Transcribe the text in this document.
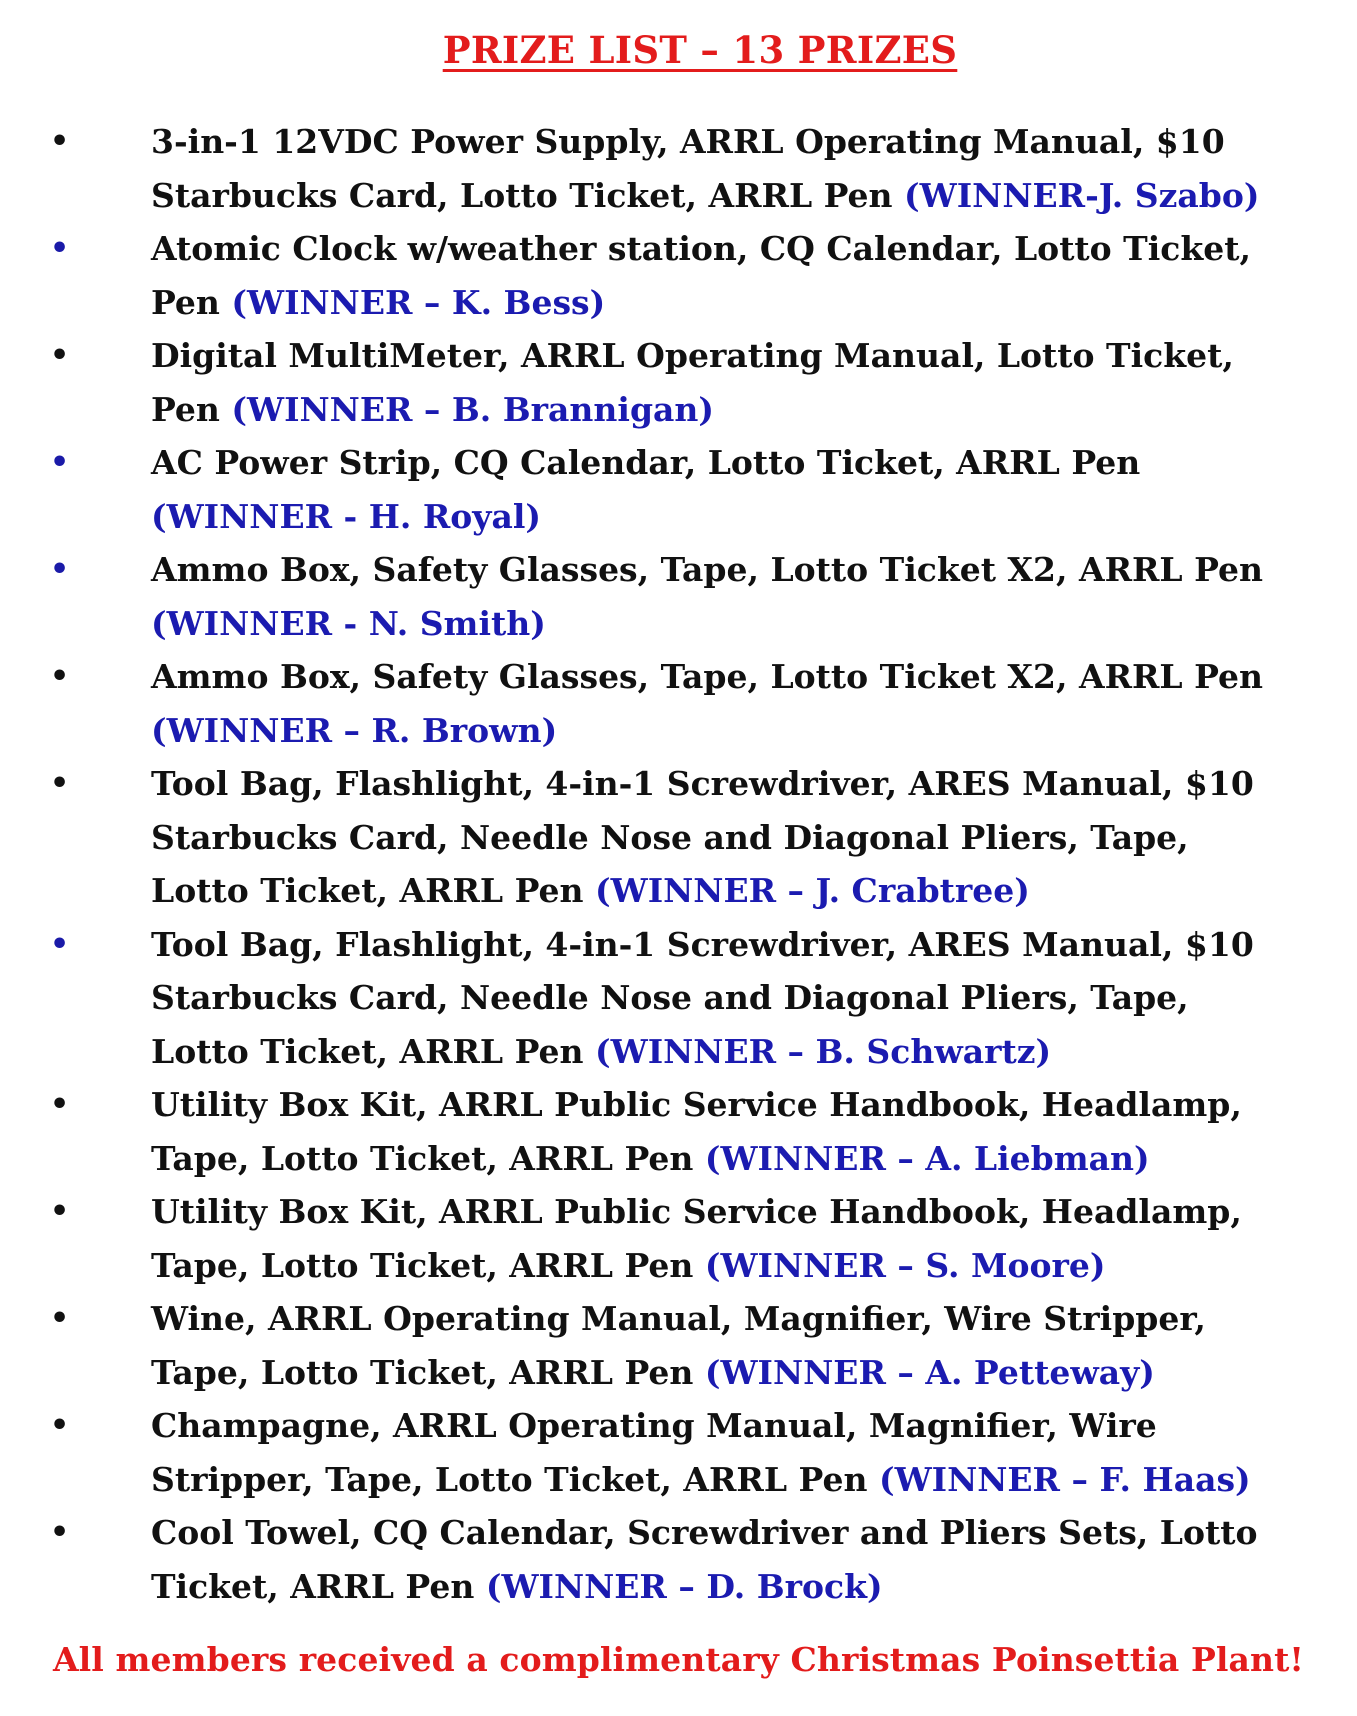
PRIZE LIST – 13 PRIZES
• 3-in-1 12VDC Power Supply, ARRL Operating Manual, $10 Starbucks Card, Lotto Ticket, ARRL Pen (WINNER-J. Szabo)
• Atomic Clock w/weather station, CQ Calendar, Lotto Ticket, Pen (WINNER – K. Bess)
• Digital MultiMeter, ARRL Operating Manual, Lotto Ticket, Pen (WINNER – B. Brannigan)
• AC Power Strip, CQ Calendar, Lotto Ticket, ARRL Pen (WINNER - H. Royal)
• Ammo Box, Safety Glasses, Tape, Lotto Ticket X2, ARRL Pen (WINNER - N. Smith)
• Ammo Box, Safety Glasses, Tape, Lotto Ticket X2, ARRL Pen (WINNER – R. Brown)
• Tool Bag, Flashlight, 4-in-1 Screwdriver, ARES Manual, $10 Starbucks Card, Needle Nose and Diagonal Pliers, Tape, Lotto Ticket, ARRL Pen (WINNER – J. Crabtree)
• Tool Bag, Flashlight, 4-in-1 Screwdriver, ARES Manual, $10 Starbucks Card, Needle Nose and Diagonal Pliers, Tape, Lotto Ticket, ARRL Pen (WINNER – B. Schwartz)
• Utility Box Kit, ARRL Public Service Handbook, Headlamp, Tape, Lotto Ticket, ARRL Pen (WINNER – A. Liebman)
• Utility Box Kit, ARRL Public Service Handbook, Headlamp, Tape, Lotto Ticket, ARRL Pen (WINNER – S. Moore)
• Wine, ARRL Operating Manual, Magnifier, Wire Stripper, Tape, Lotto Ticket, ARRL Pen (WINNER – A. Petteway)
• Champagne, ARRL Operating Manual, Magnifier, Wire Stripper, Tape, Lotto Ticket, ARRL Pen (WINNER – F. Haas)
• Cool Towel, CQ Calendar, Screwdriver and Pliers Sets, Lotto Ticket, ARRL Pen (WINNER – D. Brock)
All members received a complimentary Christmas Poinsettia Plant!
